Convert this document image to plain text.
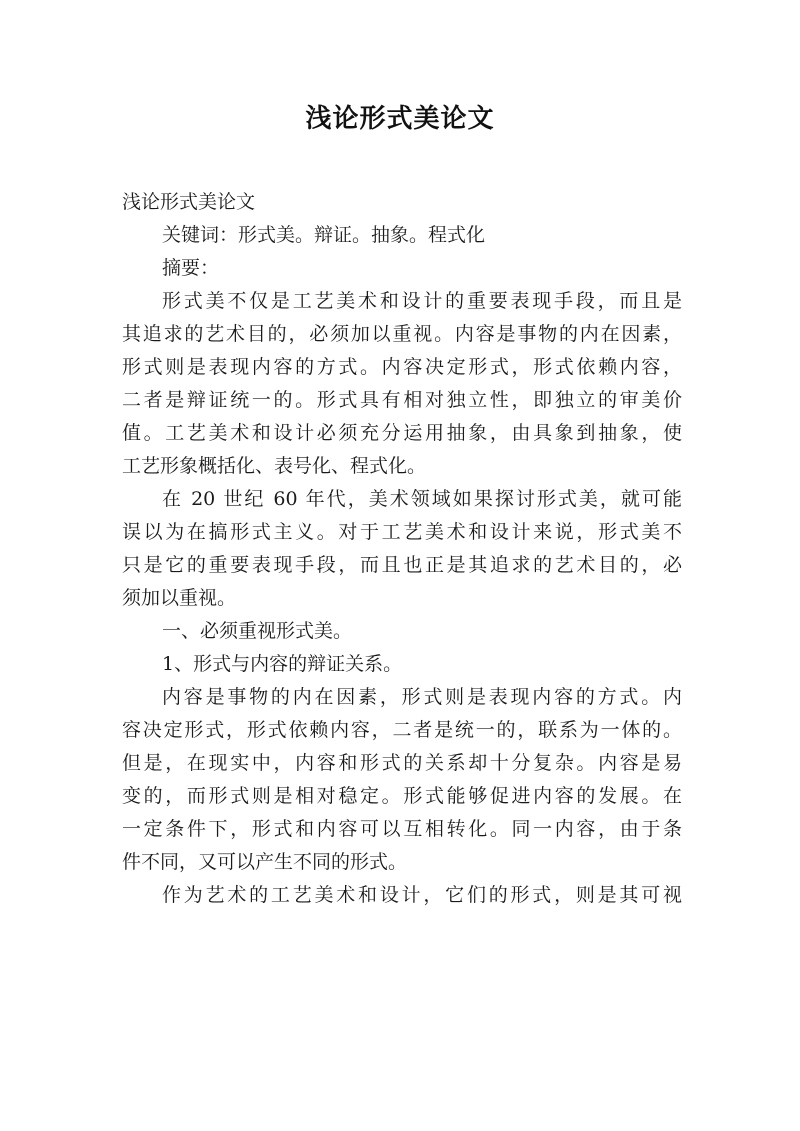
浅论形式美论文
浅论形式美论文
关键词：形式美。辩证。抽象。程式化
摘要：
形式美不仅是工艺美术和设计的重要表现手段，而且是
其追求的艺术目的，必须加以重视。内容是事物的内在因素，
形式则是表现内容的方式。内容决定形式，形式依赖内容，
二者是辩证统一的。形式具有相对独立性，即独立的审美价
值。工艺美术和设计必须充分运用抽象，由具象到抽象，使
工艺形象概括化、表号化、程式化。
在 20 世纪 60 年代，美术领域如果探讨形式美，就可能
误以为在搞形式主义。对于工艺美术和设计来说，形式美不
只是它的重要表现手段，而且也正是其追求的艺术目的，必
须加以重视。
一、必须重视形式美。
1、形式与内容的辩证关系。
内容是事物的内在因素，形式则是表现内容的方式。内
容决定形式，形式依赖内容，二者是统一的，联系为一体的。
但是，在现实中，内容和形式的关系却十分复杂。内容是易
变的，而形式则是相对稳定。形式能够促进内容的发展。在
一定条件下，形式和内容可以互相转化。同一内容，由于条
件不同，又可以产生不同的形式。
作为艺术的工艺美术和设计，它们的形式，则是其可视
